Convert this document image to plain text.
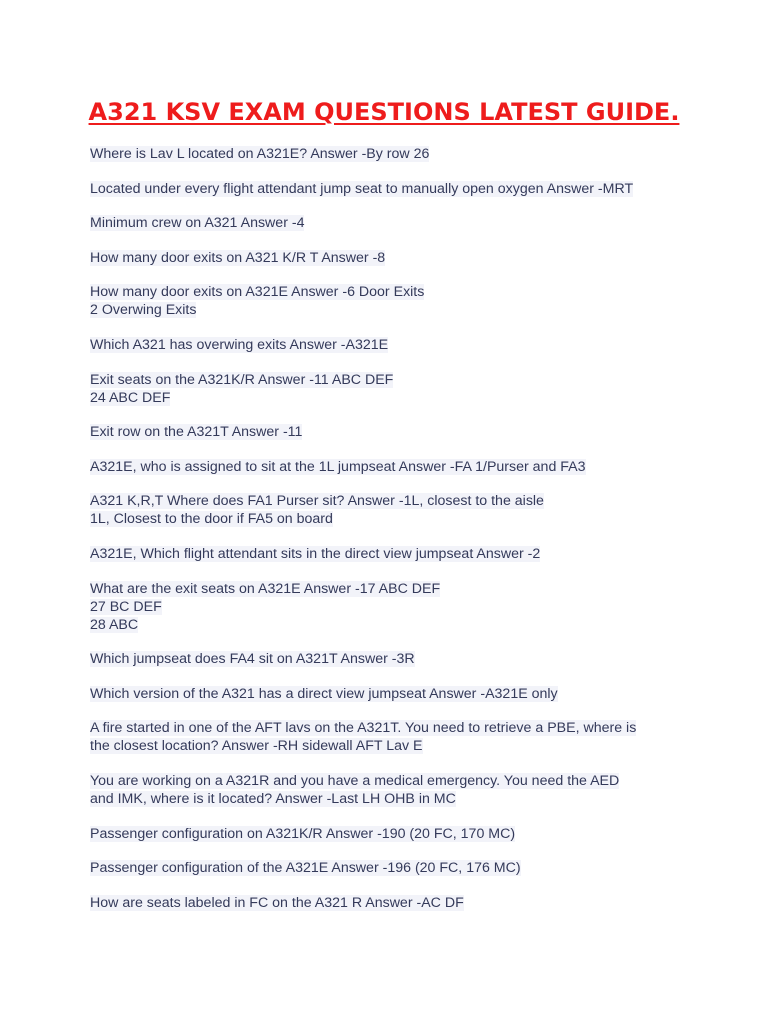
A321 KSV EXAM QUESTIONS LATEST GUIDE.
Where is Lav L located on A321E? Answer -By row 26
Located under every flight attendant jump seat to manually open oxygen Answer -MRT
Minimum crew on A321 Answer -4
How many door exits on A321 K/R T Answer -8
How many door exits on A321E Answer -6 Door Exits
2 Overwing Exits
Which A321 has overwing exits Answer -A321E
Exit seats on the A321K/R Answer -11 ABC DEF
24 ABC DEF
Exit row on the A321T Answer -11
A321E, who is assigned to sit at the 1L jumpseat Answer -FA 1/Purser and FA3
A321 K,R,T Where does FA1 Purser sit? Answer -1L, closest to the aisle
1L, Closest to the door if FA5 on board
A321E, Which flight attendant sits in the direct view jumpseat Answer -2
What are the exit seats on A321E Answer -17 ABC DEF
27 BC DEF
28 ABC
Which jumpseat does FA4 sit on A321T Answer -3R
Which version of the A321 has a direct view jumpseat Answer -A321E only
A fire started in one of the AFT lavs on the A321T. You need to retrieve a PBE, where is
the closest location? Answer -RH sidewall AFT Lav E
You are working on a A321R and you have a medical emergency. You need the AED
and IMK, where is it located? Answer -Last LH OHB in MC
Passenger configuration on A321K/R Answer -190 (20 FC, 170 MC)
Passenger configuration of the A321E Answer -196 (20 FC, 176 MC)
How are seats labeled in FC on the A321 R Answer -AC DF
